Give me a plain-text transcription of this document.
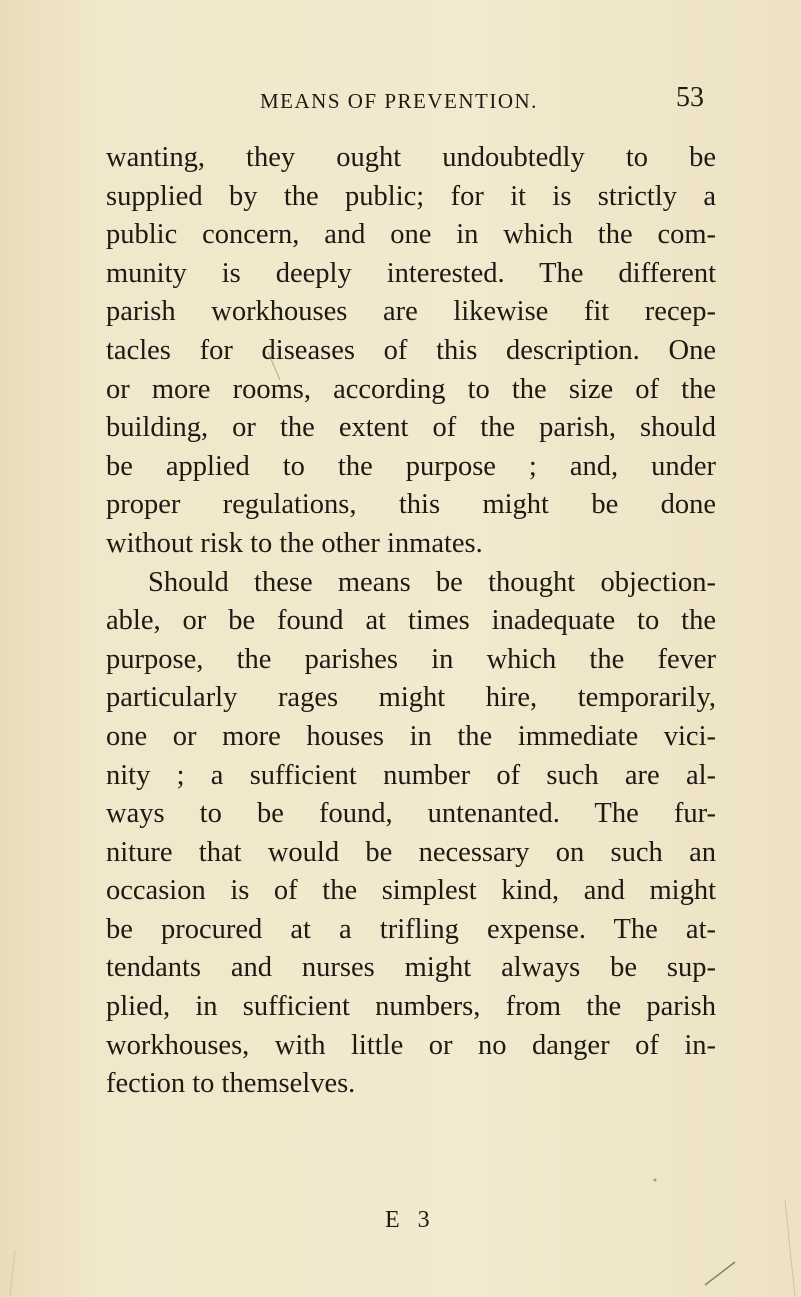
MEANS OF PREVENTION.	53
wanting, they ought undoubtedly to be
supplied by the public; for it is strictly a
public concern, and one in which the com-
munity is deeply interested. The different
parish workhouses are likewise fit recep-
tacles for diseases of this description. One
or more rooms, according to the size of the
building, or the extent of the parish, should
be applied to the purpose ; and, under
proper regulations, this might be done
without risk to the other inmates.
Should these means be thought objection-
able, or be found at times inadequate to the
purpose, the parishes in which the fever
particularly rages might hire, temporarily,
one or more houses in the immediate vici-
nity ; a sufficient number of such are al-
ways to be found, untenanted. The fur-
niture that would be necessary on such an
occasion is of the simplest kind, and might
be procured at a trifling expense. The at-
tendants and nurses might always be sup-
plied, in sufficient numbers, from the parish
workhouses, with little or no danger of in-
fection to themselves.
E 3
